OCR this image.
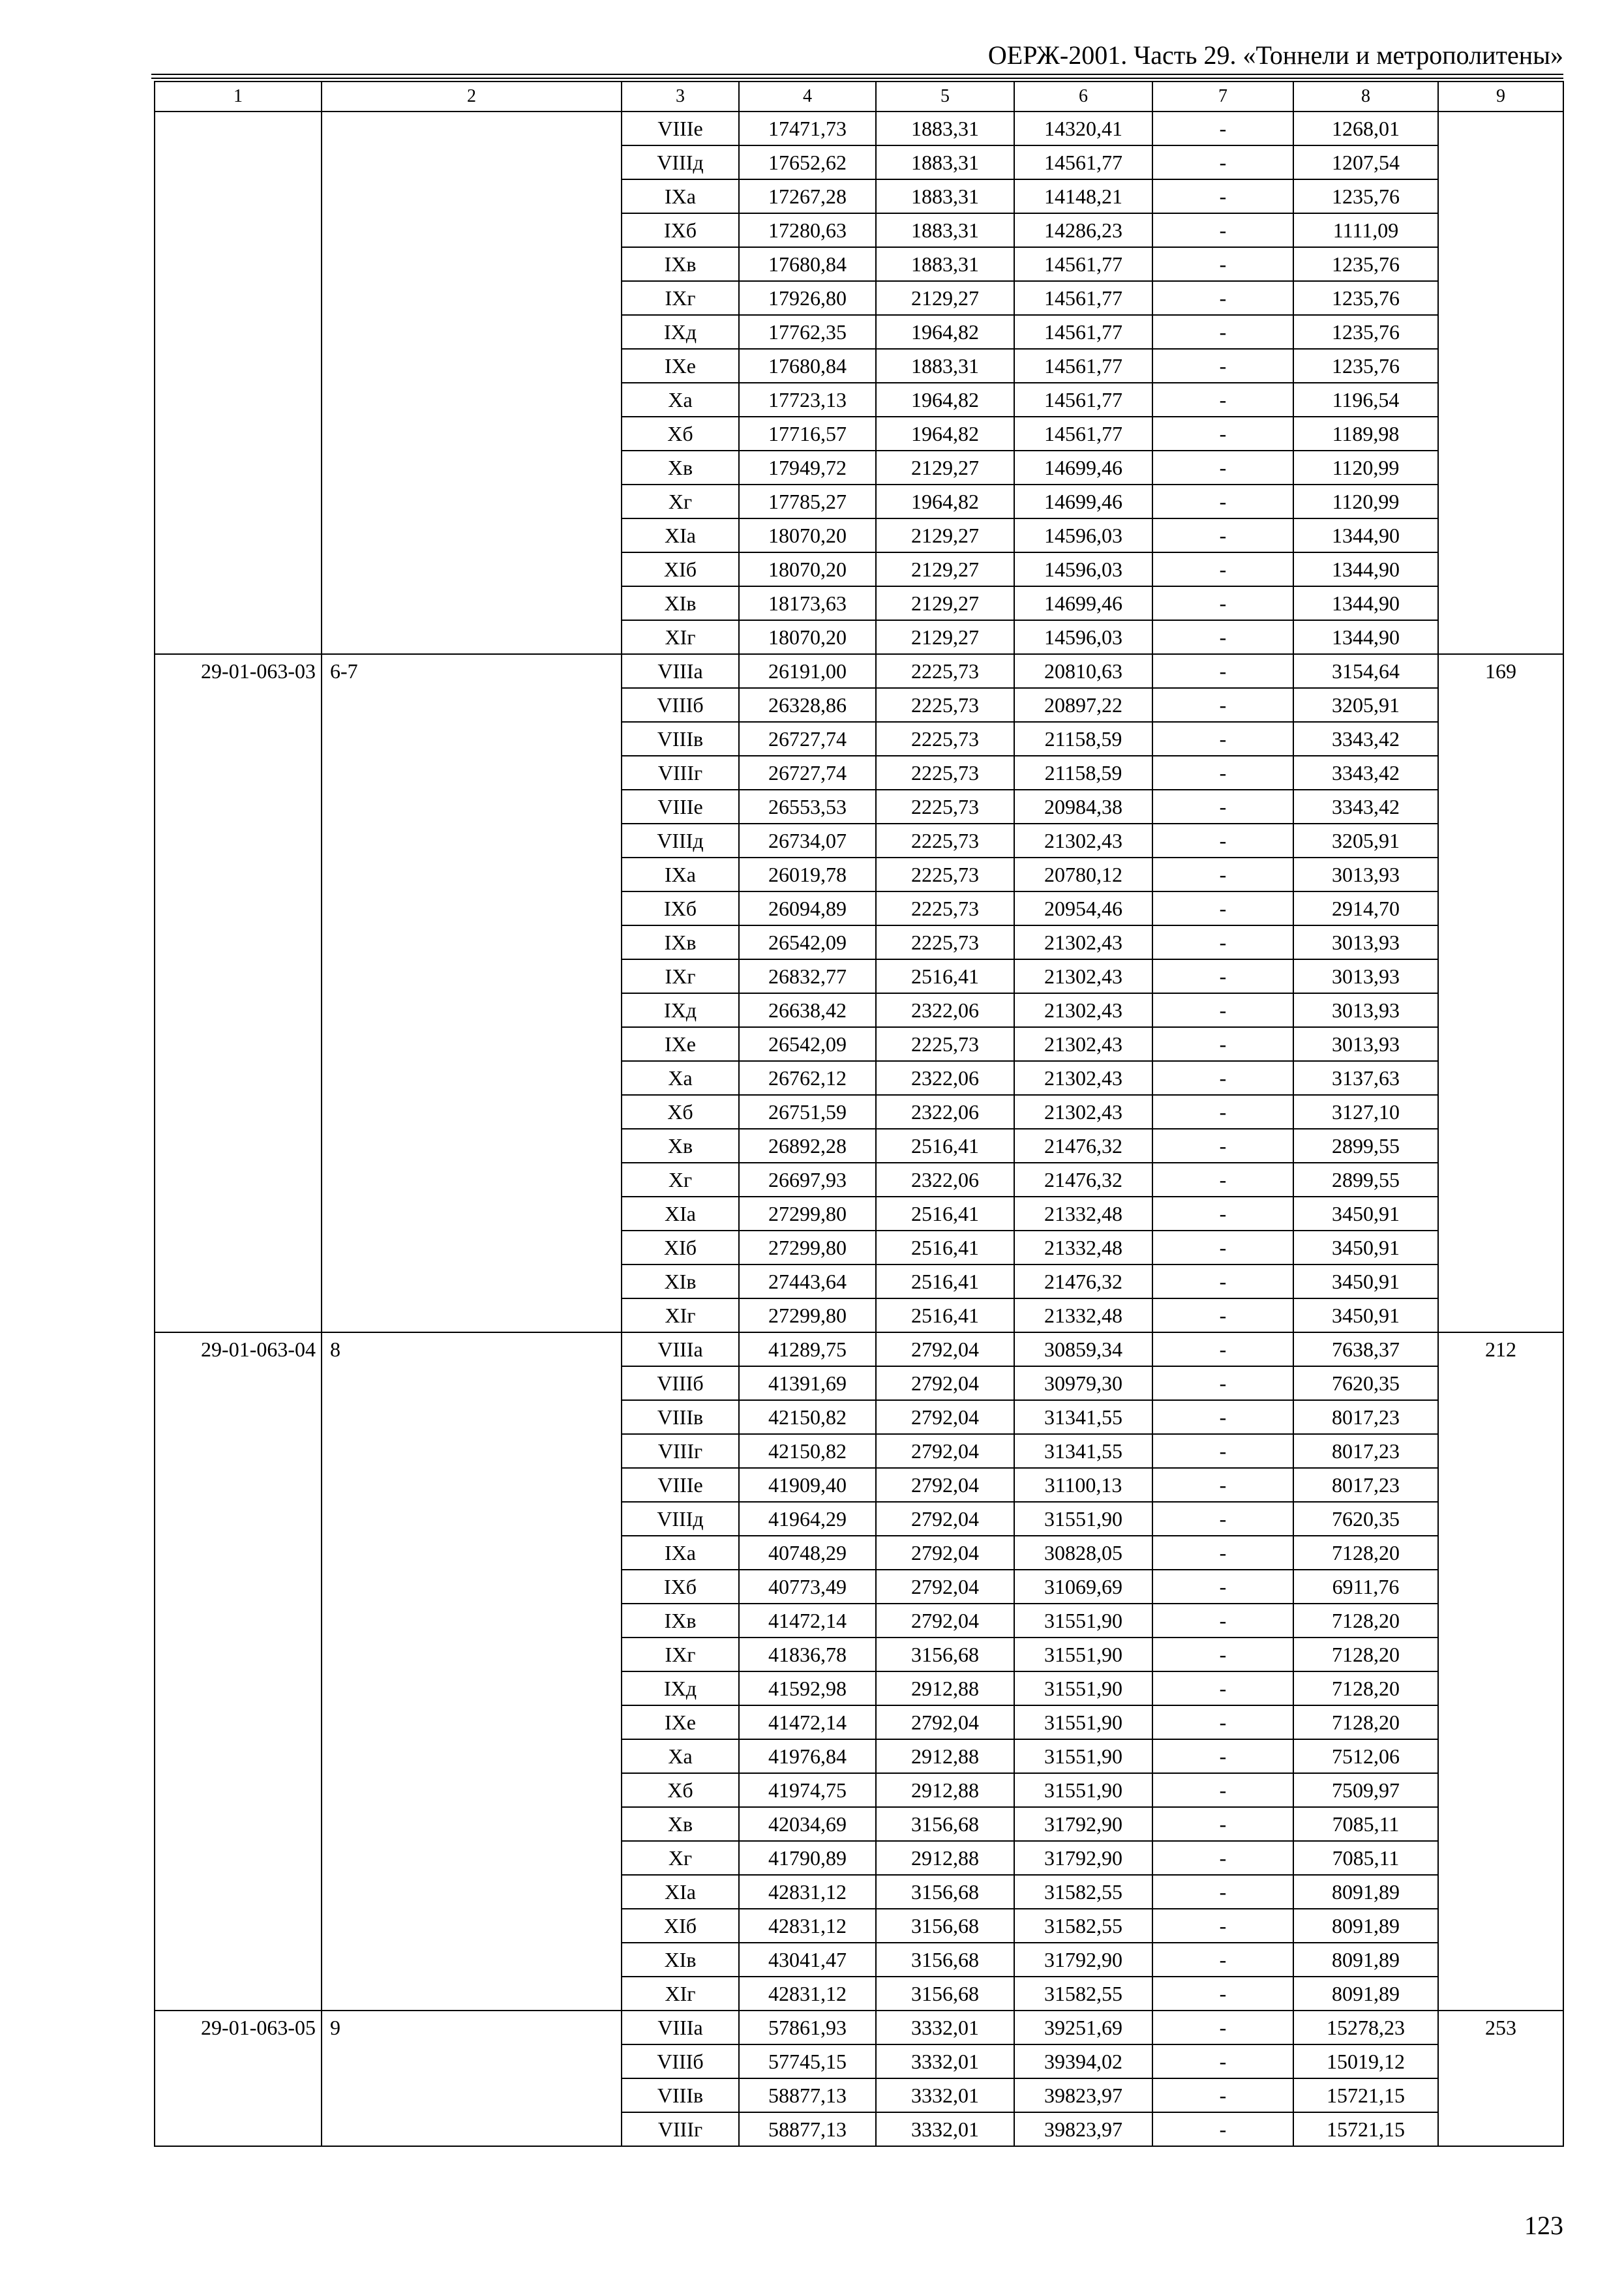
ОЕРЖ-2001. Часть 29. «Тоннели и метрополитены»
1	2	3	4	5	6	7	8	9
		VIIIе	17471,73	1883,31	14320,41	-	1268,01	
		VIIIд	17652,62	1883,31	14561,77	-	1207,54	
		IXа	17267,28	1883,31	14148,21	-	1235,76	
		IXб	17280,63	1883,31	14286,23	-	1111,09	
		IXв	17680,84	1883,31	14561,77	-	1235,76	
		IXг	17926,80	2129,27	14561,77	-	1235,76	
		IXд	17762,35	1964,82	14561,77	-	1235,76	
		IXе	17680,84	1883,31	14561,77	-	1235,76	
		Xа	17723,13	1964,82	14561,77	-	1196,54	
		Xб	17716,57	1964,82	14561,77	-	1189,98	
		Xв	17949,72	2129,27	14699,46	-	1120,99	
		Xг	17785,27	1964,82	14699,46	-	1120,99	
		XIа	18070,20	2129,27	14596,03	-	1344,90	
		XIб	18070,20	2129,27	14596,03	-	1344,90	
		XIв	18173,63	2129,27	14699,46	-	1344,90	
		XIг	18070,20	2129,27	14596,03	-	1344,90	
29-01-063-03	6-7	VIIIа	26191,00	2225,73	20810,63	-	3154,64	169
		VIIIб	26328,86	2225,73	20897,22	-	3205,91	
		VIIIв	26727,74	2225,73	21158,59	-	3343,42	
		VIIIг	26727,74	2225,73	21158,59	-	3343,42	
		VIIIе	26553,53	2225,73	20984,38	-	3343,42	
		VIIIд	26734,07	2225,73	21302,43	-	3205,91	
		IXа	26019,78	2225,73	20780,12	-	3013,93	
		IXб	26094,89	2225,73	20954,46	-	2914,70	
		IXв	26542,09	2225,73	21302,43	-	3013,93	
		IXг	26832,77	2516,41	21302,43	-	3013,93	
		IXд	26638,42	2322,06	21302,43	-	3013,93	
		IXе	26542,09	2225,73	21302,43	-	3013,93	
		Xа	26762,12	2322,06	21302,43	-	3137,63	
		Xб	26751,59	2322,06	21302,43	-	3127,10	
		Xв	26892,28	2516,41	21476,32	-	2899,55	
		Xг	26697,93	2322,06	21476,32	-	2899,55	
		XIа	27299,80	2516,41	21332,48	-	3450,91	
		XIб	27299,80	2516,41	21332,48	-	3450,91	
		XIв	27443,64	2516,41	21476,32	-	3450,91	
		XIг	27299,80	2516,41	21332,48	-	3450,91	
29-01-063-04	8	VIIIа	41289,75	2792,04	30859,34	-	7638,37	212
		VIIIб	41391,69	2792,04	30979,30	-	7620,35	
		VIIIв	42150,82	2792,04	31341,55	-	8017,23	
		VIIIг	42150,82	2792,04	31341,55	-	8017,23	
		VIIIе	41909,40	2792,04	31100,13	-	8017,23	
		VIIIд	41964,29	2792,04	31551,90	-	7620,35	
		IXа	40748,29	2792,04	30828,05	-	7128,20	
		IXб	40773,49	2792,04	31069,69	-	6911,76	
		IXв	41472,14	2792,04	31551,90	-	7128,20	
		IXг	41836,78	3156,68	31551,90	-	7128,20	
		IXд	41592,98	2912,88	31551,90	-	7128,20	
		IXе	41472,14	2792,04	31551,90	-	7128,20	
		Xа	41976,84	2912,88	31551,90	-	7512,06	
		Xб	41974,75	2912,88	31551,90	-	7509,97	
		Xв	42034,69	3156,68	31792,90	-	7085,11	
		Xг	41790,89	2912,88	31792,90	-	7085,11	
		XIа	42831,12	3156,68	31582,55	-	8091,89	
		XIб	42831,12	3156,68	31582,55	-	8091,89	
		XIв	43041,47	3156,68	31792,90	-	8091,89	
		XIг	42831,12	3156,68	31582,55	-	8091,89	
29-01-063-05	9	VIIIа	57861,93	3332,01	39251,69	-	15278,23	253
		VIIIб	57745,15	3332,01	39394,02	-	15019,12	
		VIIIв	58877,13	3332,01	39823,97	-	15721,15	
		VIIIг	58877,13	3332,01	39823,97	-	15721,15	
123
